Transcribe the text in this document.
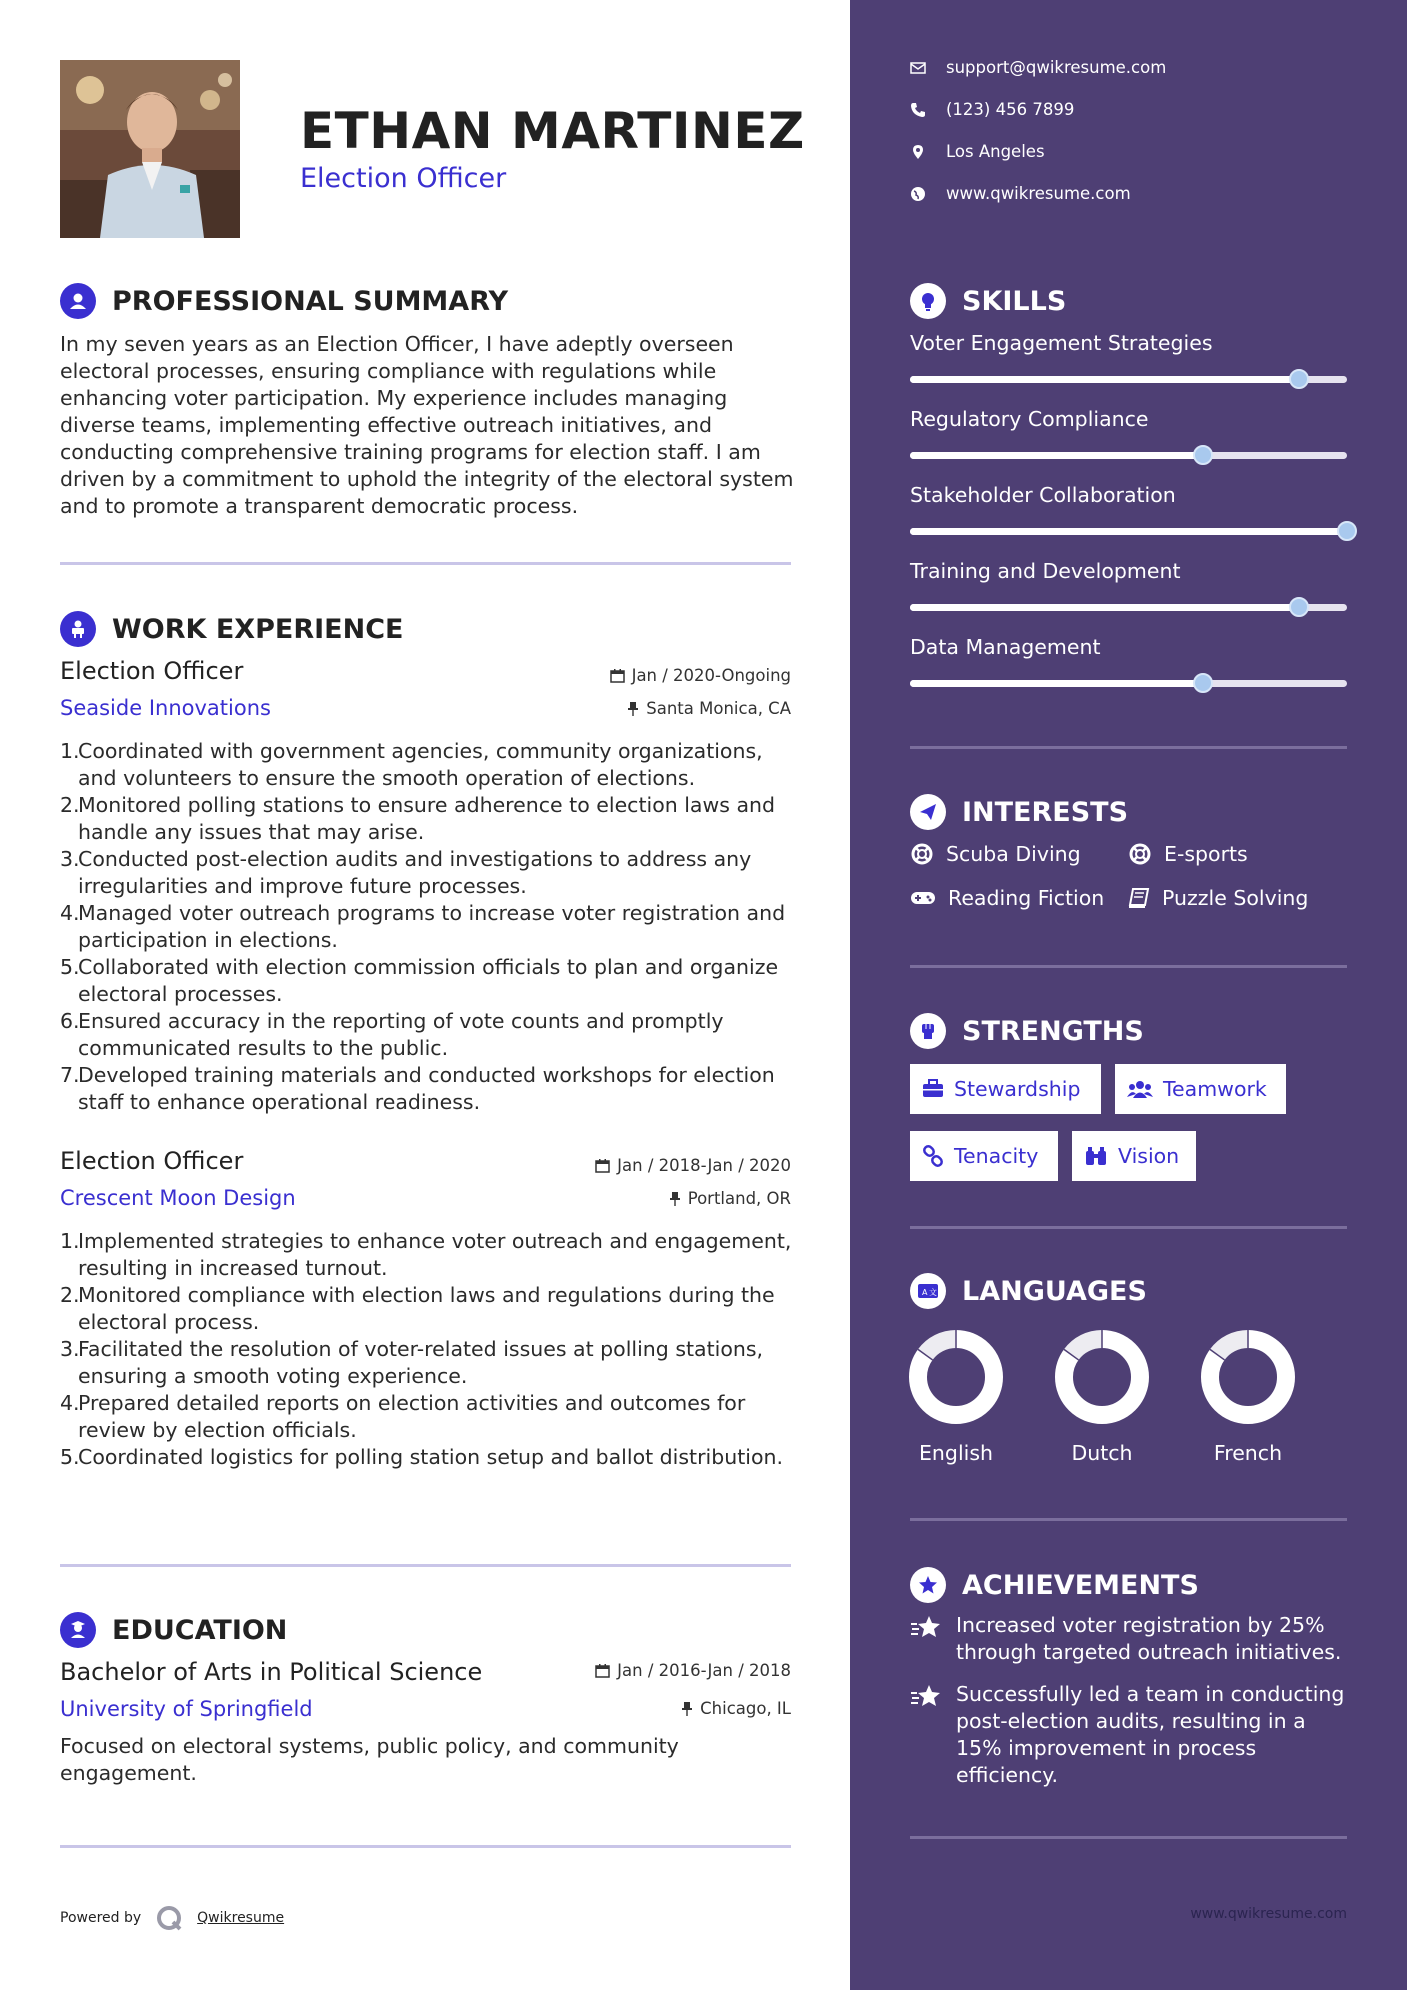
ETHAN MARTINEZ
Election Officer
PROFESSIONAL SUMMARY
In my seven years as an Election Officer, I have adeptly overseen electoral processes, ensuring compliance with regulations while enhancing voter participation. My experience includes managing diverse teams, implementing effective outreach initiatives, and conducting comprehensive training programs for election staff. I am driven by a commitment to uphold the integrity of the electoral system and to promote a transparent democratic process.
WORK EXPERIENCE
Election Officer
Seaside Innovations
Jan / 2020-Ongoing
Santa Monica, CA
1.
Coordinated with government agencies, community organizations, and volunteers to ensure the smooth operation of elections.
2.
Monitored polling stations to ensure adherence to election laws and handle any issues that may arise.
3.
Conducted post-election audits and investigations to address any irregularities and improve future processes.
4.
Managed voter outreach programs to increase voter registration and participation in elections.
5.
Collaborated with election commission officials to plan and organize electoral processes.
6.
Ensured accuracy in the reporting of vote counts and promptly communicated results to the public.
7.
Developed training materials and conducted workshops for election staff to enhance operational readiness.
Election Officer
Crescent Moon Design
Jan / 2018-Jan / 2020
Portland, OR
1.
Implemented strategies to enhance voter outreach and engagement, resulting in increased turnout.
2.
Monitored compliance with election laws and regulations during the electoral process.
3.
Facilitated the resolution of voter-related issues at polling stations, ensuring a smooth voting experience.
4.
Prepared detailed reports on election activities and outcomes for review by election officials.
5.
Coordinated logistics for polling station setup and ballot distribution.
EDUCATION
Bachelor of Arts in Political Science
University of Springfield
Jan / 2016-Jan / 2018
Chicago, IL
Focused on electoral systems, public policy, and community engagement.
Powered by	Qwikresume
support@qwikresume.com
(123) 456 7899
Los Angeles
www.qwikresume.com
SKILLS
Voter Engagement Strategies
Regulatory Compliance
Stakeholder Collaboration
Training and Development
Data Management
INTERESTS
Scuba Diving	E-sports
Reading Fiction	Puzzle Solving
STRENGTHS
Stewardship	Teamwork
Tenacity	Vision
A 文 LANGUAGES
English	Dutch	French
ACHIEVEMENTS
Increased voter registration by 25% through targeted outreach initiatives.
Successfully led a team in conducting post-election audits, resulting in a 15% improvement in process efficiency.
www.qwikresume.com
